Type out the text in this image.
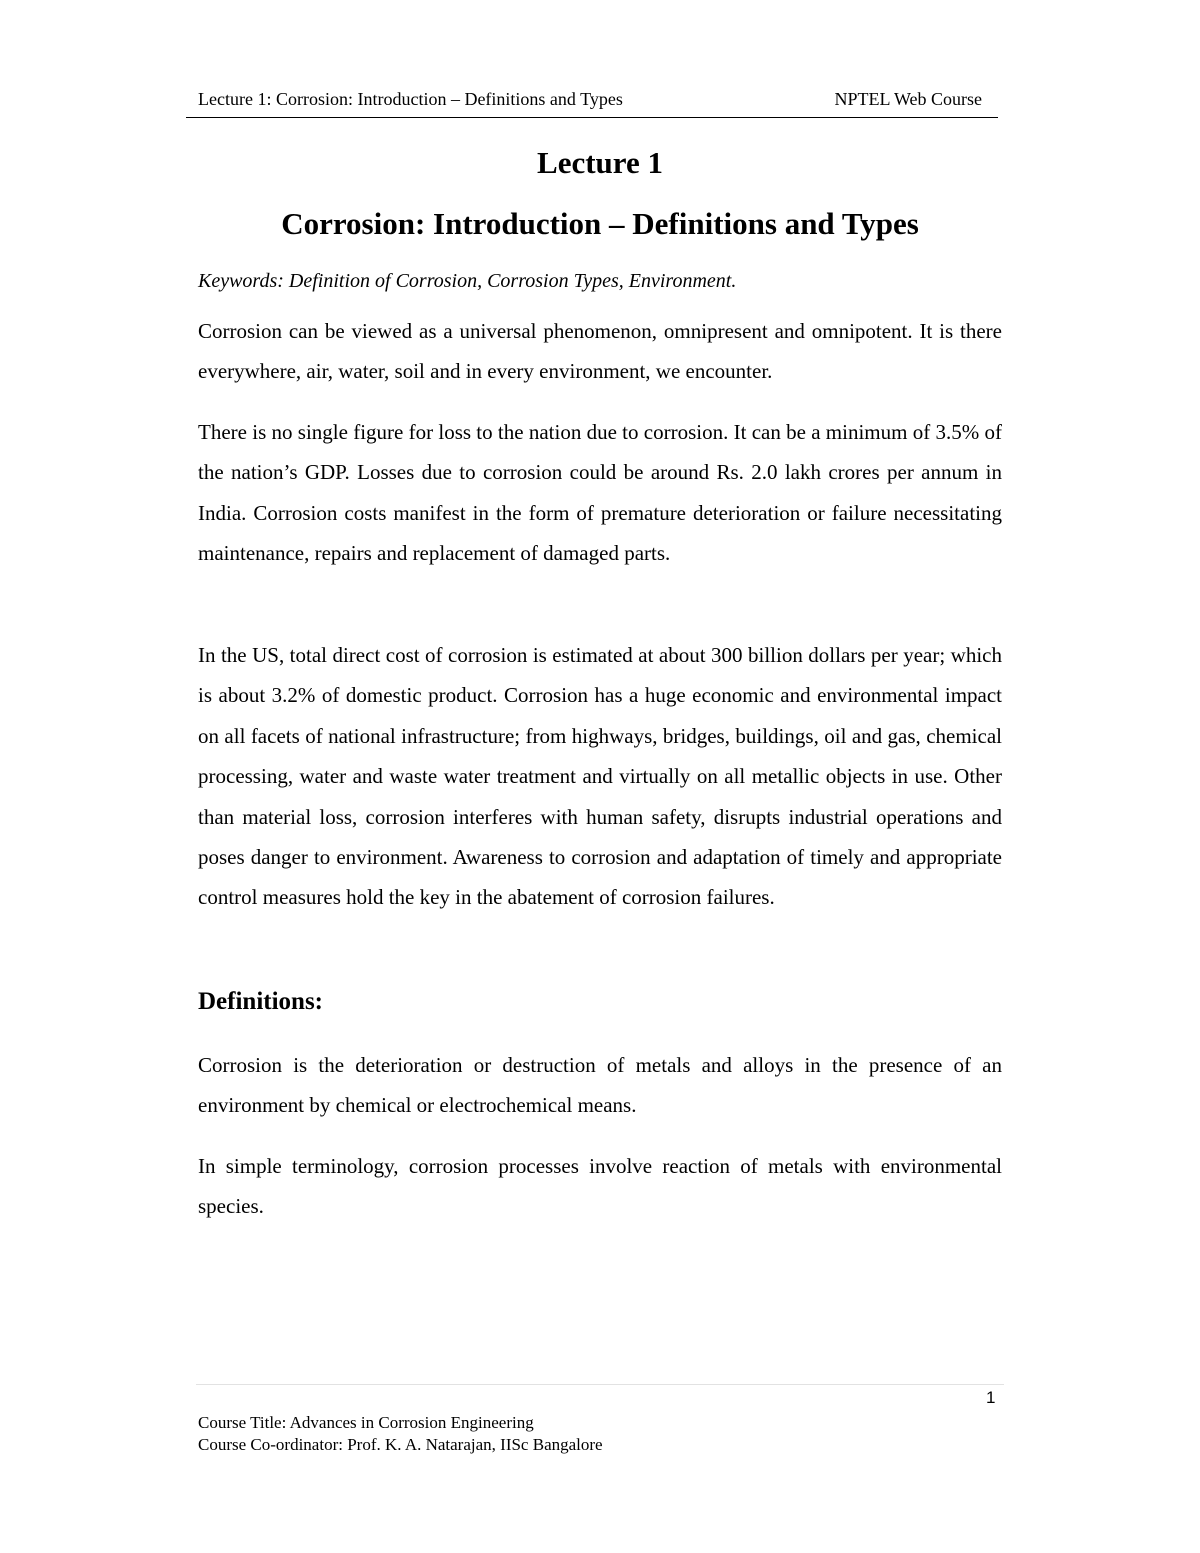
Lecture 1: Corrosion: Introduction – Definitions and Types	NPTEL Web Course
Lecture 1
Corrosion: Introduction – Definitions and Types
Keywords: Definition of Corrosion, Corrosion Types, Environment.

Corrosion can be viewed as a universal phenomenon, omnipresent and omnipotent. It is there everywhere, air, water, soil and in every environment, we encounter.

There is no single figure for loss to the nation due to corrosion. It can be a minimum of 3.5% of the nation’s GDP. Losses due to corrosion could be around Rs. 2.0 lakh crores per annum in India. Corrosion costs manifest in the form of premature deterioration or failure necessitating maintenance, repairs and replacement of damaged parts.

In the US, total direct cost of corrosion is estimated at about 300 billion dollars per year; which is about 3.2% of domestic product. Corrosion has a huge economic and environmental impact on all facets of national infrastructure; from highways, bridges, buildings, oil and gas, chemical processing, water and waste water treatment and virtually on all metallic objects in use. Other than material loss, corrosion interferes with human safety, disrupts industrial operations and poses danger to environment. Awareness to corrosion and adaptation of timely and appropriate control measures hold the key in the abatement of corrosion failures.

Definitions:

Corrosion is the deterioration or destruction of metals and alloys in the presence of an environment by chemical or electrochemical means.

In simple terminology, corrosion processes involve reaction of metals with environmental species.

1
Course Title: Advances in Corrosion Engineering
Course Co-ordinator: Prof. K. A. Natarajan, IISc Bangalore
